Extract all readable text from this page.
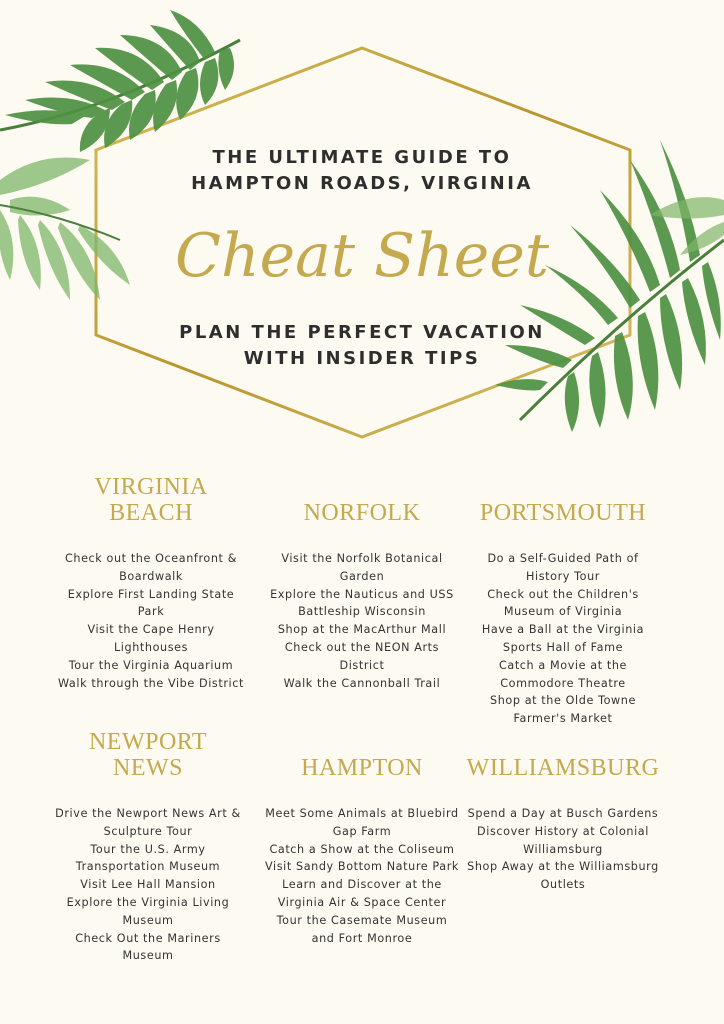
THE ULTIMATE GUIDE TO
HAMPTON ROADS, VIRGINIA
Cheat Sheet
PLAN THE PERFECT VACATION
WITH INSIDER TIPS
VIRGINIA
BEACH
Check out the Oceanfront &
Boardwalk
Explore First Landing State
Park
Visit the Cape Henry
Lighthouses
Tour the Virginia Aquarium
Walk through the Vibe District
NORFOLK
Visit the Norfolk Botanical
Garden
Explore the Nauticus and USS
Battleship Wisconsin
Shop at the MacArthur Mall
Check out the NEON Arts
District
Walk the Cannonball Trail
PORTSMOUTH
Do a Self-Guided Path of
History Tour
Check out the Children's
Museum of Virginia
Have a Ball at the Virginia
Sports Hall of Fame
Catch a Movie at the
Commodore Theatre
Shop at the Olde Towne
Farmer's Market
NEWPORT
NEWS
Drive the Newport News Art &
Sculpture Tour
Tour the U.S. Army
Transportation Museum
Visit Lee Hall Mansion
Explore the Virginia Living
Museum
Check Out the Mariners
Museum
HAMPTON
Meet Some Animals at Bluebird
Gap Farm
Catch a Show at the Coliseum
Visit Sandy Bottom Nature Park
Learn and Discover at the
Virginia Air & Space Center
Tour the Casemate Museum
and Fort Monroe
WILLIAMSBURG
Spend a Day at Busch Gardens
Discover History at Colonial
Williamsburg
Shop Away at the Williamsburg
Outlets
